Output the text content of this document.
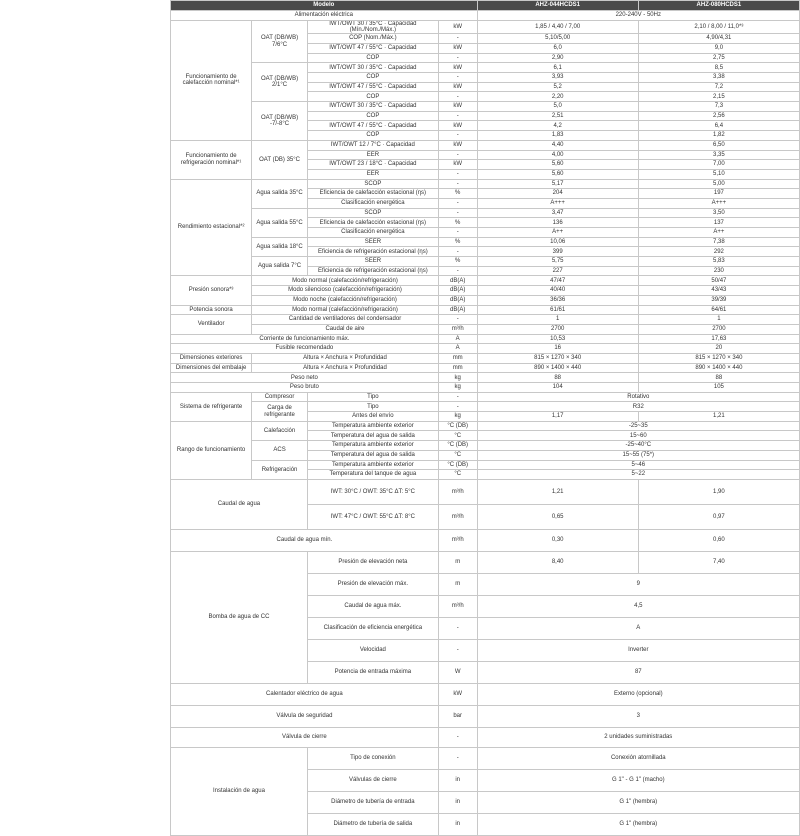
Modelo				AHZ-044HCDS1	AHZ-080HCDS1
Alimentación eléctrica				220-240V - 50Hz	
Funcionamiento de calefacción nominal*¹	OAT (DB/WB) 7/6°C	IWT/OWT 30 / 35°C · Capacidad (Mín./Nom./Máx.)	kW	1,85 / 4,40 / 7,00	2,10 / 8,00 / 11,0*³
		COP (Nom./Máx.)	-	5,10/5,00	4,90/4,31
		IWT/OWT 47 / 55°C · Capacidad	kW	6,0	9,0
		COP	-	2,90	2,75
	OAT (DB/WB) 2/1°C	IWT/OWT 30 / 35°C · Capacidad	kW	6,1	8,5
		COP	-	3,93	3,38
		IWT/OWT 47 / 55°C · Capacidad	kW	5,2	7,2
		COP	-	2,20	2,15
	OAT (DB/WB) -7/-8°C	IWT/OWT 30 / 35°C · Capacidad	kW	5,0	7,3
		COP	-	2,51	2,56
		IWT/OWT 47 / 55°C · Capacidad	kW	4,2	6,4
		COP	-	1,83	1,82
Funcionamiento de refrigeración nominal*¹	OAT (DB) 35°C	IWT/OWT 12 / 7°C · Capacidad	kW	4,40	6,50
		EER	-	4,00	3,35
		IWT/OWT 23 / 18°C · Capacidad	kW	5,60	7,00
		EER	-	5,60	5,10
Rendimiento estacional*²	Agua salida 35°C	SCOP	-	5,17	5,00
		Eficiencia de calefacción estacional (ηs)	%	204	197
		Clasificación energética	-	A+++	A+++
	Agua salida 55°C	SCOP	-	3,47	3,50
		Eficiencia de calefacción estacional (ηs)	%	136	137
		Clasificación energética	-	A++	A++
	Agua salida 18°C	SEER	%	10,06	7,38
		Eficiencia de refrigeración estacional (ηs)	-	399	292
	Agua salida 7°C	SEER	%	5,75	5,83
		Eficiencia de refrigeración estacional (ηs)	-	227	230
Presión sonora*³	Modo normal (calefacción/refrigeración)		dB(A)	47/47	50/47
	Modo silencioso (calefacción/refrigeración)		dB(A)	40/40	43/43
	Modo noche (calefacción/refrigeración)		dB(A)	36/36	39/39
Potencia sonora	Modo normal (calefacción/refrigeración)		dB(A)	61/61	64/61
Ventilador	Cantidad de ventiladores del condensador		-	1	1
	Caudal de aire		m³/h	2700	2700
Corriente de funcionamiento máx.			A	10,53	17,63
Fusible recomendado			A	16	20
Dimensiones exteriores	Altura × Anchura × Profundidad		mm	815 × 1270 × 340	815 × 1270 × 340
Dimensiones del embalaje	Altura × Anchura × Profundidad		mm	890 × 1400 × 440	890 × 1400 × 440
Peso neto			kg	88	88
Peso bruto			kg	104	105
Sistema de refrigerante	Compresor	Tipo	-	Rotativo	
	Carga de refrigerante	Tipo	-	R32	
		Antes del envío	kg	1,17	1,21
Rango de funcionamiento	Calefacción	Temperatura ambiente exterior	°C (DB)	-25~35	
		Temperatura del agua de salida	°C	15~60	
	ACS	Temperatura ambiente exterior	°C (DB)	-25~40°C	
		Temperatura del agua de salida	°C	15~55 (75*)	
	Refrigeración	Temperatura ambiente exterior	°C (DB)	5~46	
		Temperatura del tanque de agua	°C	5~22	
Caudal de agua		IWT: 30°C / OWT: 35°C ΔT: 5°C	m³/h	1,21	1,90
		IWT: 47°C / OWT: 55°C ΔT: 8°C	m³/h	0,65	0,97
Caudal de agua mín.			m³/h	0,30	0,60
Bomba de agua de CC		Presión de elevación neta	m	8,40	7,40
		Presión de elevación máx.	m	9	
		Caudal de agua máx.	m³/h	4,5	
		Clasificación de eficiencia energética	-	A	
		Velocidad	-	Inverter	
		Potencia de entrada máxima	W	87	
Calentador eléctrico de agua			kW	Externo (opcional)	
Válvula de seguridad			bar	3	
Válvula de cierre			-	2 unidades suministradas	
Instalación de agua		Tipo de conexión	-	Conexión atornillada	
		Válvulas de cierre	in	G 1" - G 1" (macho)	
		Diámetro de tubería de entrada	in	G 1" (hembra)	
		Diámetro de tubería de salida	in	G 1" (hembra)	
